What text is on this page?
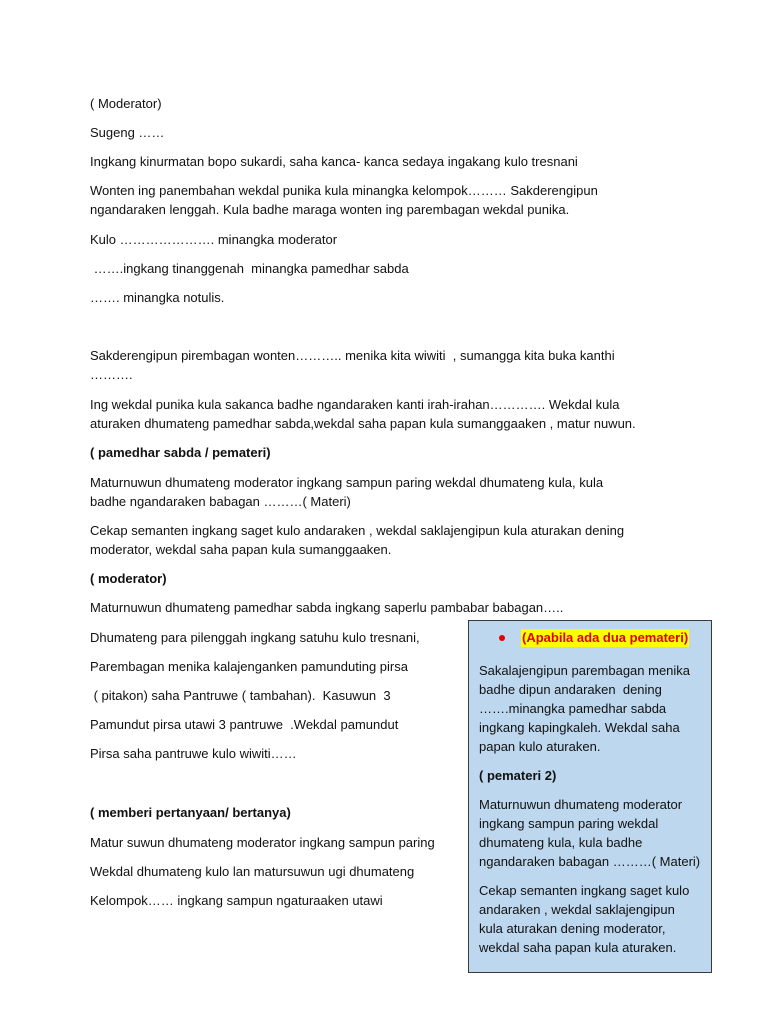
( Moderator)

Sugeng ……

Ingkang kinurmatan bopo sukardi, saha kanca- kanca sedaya ingakang kulo tresnani

Wonten ing panembahan wekdal punika kula minangka kelompok……… Sakderengipun

ngandaraken lenggah. Kula badhe maraga wonten ing parembagan wekdal punika.

Kulo …………………. minangka moderator

…….ingkang tinanggenah  minangka pamedhar sabda

……. minangka notulis.

Sakderengipun pirembagan wonten……….. menika kita wiwiti  , sumangga kita buka kanthi

……….

Ing wekdal punika kula sakanca badhe ngandaraken kanti irah-irahan…………. Wekdal kula

aturaken dhumateng pamedhar sabda,wekdal saha papan kula sumanggaaken , matur nuwun.

( pamedhar sabda / pemateri)

Maturnuwun dhumateng moderator ingkang sampun paring wekdal dhumateng kula, kula

badhe ngandaraken babagan ………( Materi)

Cekap semanten ingkang saget kulo andaraken , wekdal saklajengipun kula aturakan dening

moderator, wekdal saha papan kula sumanggaaken.

( moderator)

Maturnuwun dhumateng pamedhar sabda ingkang saperlu pambabar babagan…..

Dhumateng para pilenggah ingkang satuhu kulo tresnani,

Parembagan menika kalajenganken pamunduting pirsa

( pitakon) saha Pantruwe ( tambahan).  Kasuwun  3

Pamundut pirsa utawi 3 pantruwe  .Wekdal pamundut

Pirsa saha pantruwe kulo wiwiti……

( memberi pertanyaan/ bertanya)

Matur suwun dhumateng moderator ingkang sampun paring

Wekdal dhumateng kulo lan matursuwun ugi dhumateng

Kelompok…… ingkang sampun ngaturaaken utawi

(Apabila ada dua pemateri)

Sakalajengipun parembagan menika

badhe dipun andaraken  dening

…….minangka pamedhar sabda

ingkang kapingkaleh. Wekdal saha

papan kulo aturaken.

( pemateri 2)

Maturnuwun dhumateng moderator

ingkang sampun paring wekdal

dhumateng kula, kula badhe

ngandaraken babagan ………( Materi)

Cekap semanten ingkang saget kulo

andaraken , wekdal saklajengipun

kula aturakan dening moderator,

wekdal saha papan kula aturaken.
